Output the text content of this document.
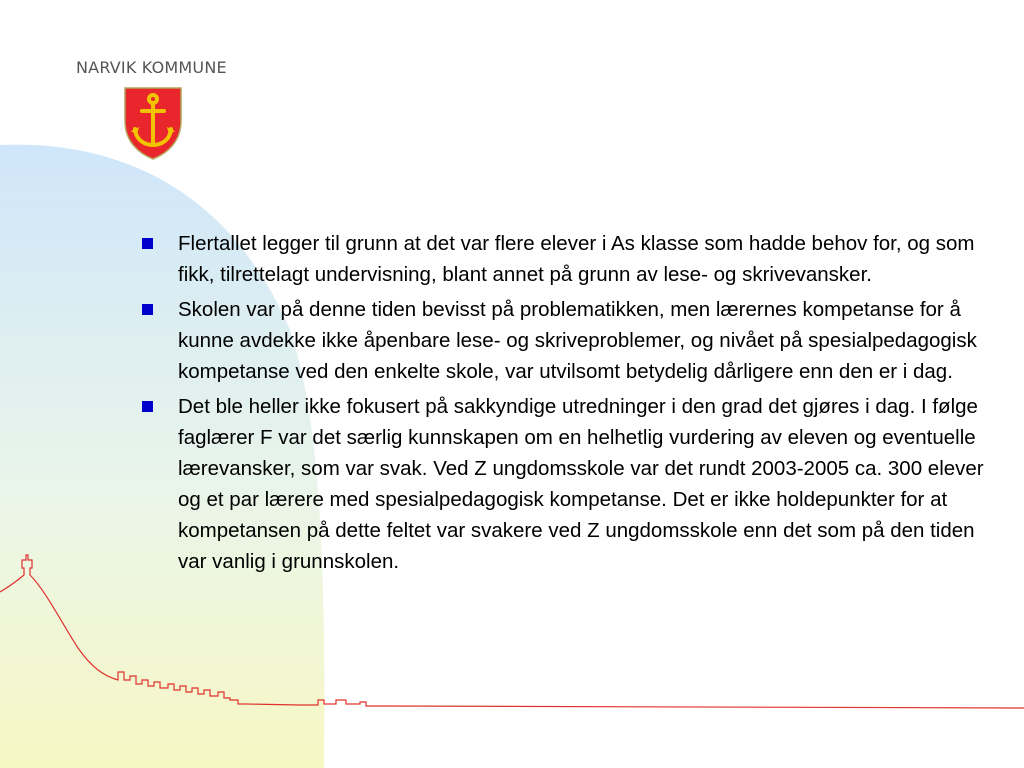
NARVIK KOMMUNE
Flertallet legger til grunn at det var flere elever i As klasse som hadde behov for, og som fikk, tilrettelagt undervisning, blant annet på grunn av lese- og skrivevansker.
Skolen var på denne tiden bevisst på problematikken, men lærernes kompetanse for å kunne avdekke ikke åpenbare lese- og skriveproblemer, og nivået på spesialpedagogisk kompetanse ved den enkelte skole, var utvilsomt betydelig dårligere enn den er i dag.
Det ble heller ikke fokusert på sakkyndige utredninger i den grad det gjøres i dag. I følge faglærer F var det særlig kunnskapen om en helhetlig vurdering av eleven og eventuelle lærevansker, som var svak. Ved Z ungdomsskole var det rundt 2003-2005 ca. 300 elever og et par lærere med spesialpedagogisk kompetanse. Det er ikke holdepunkter for at kompetansen på dette feltet var svakere ved Z ungdomsskole enn det som på den tiden var vanlig i grunnskolen.
